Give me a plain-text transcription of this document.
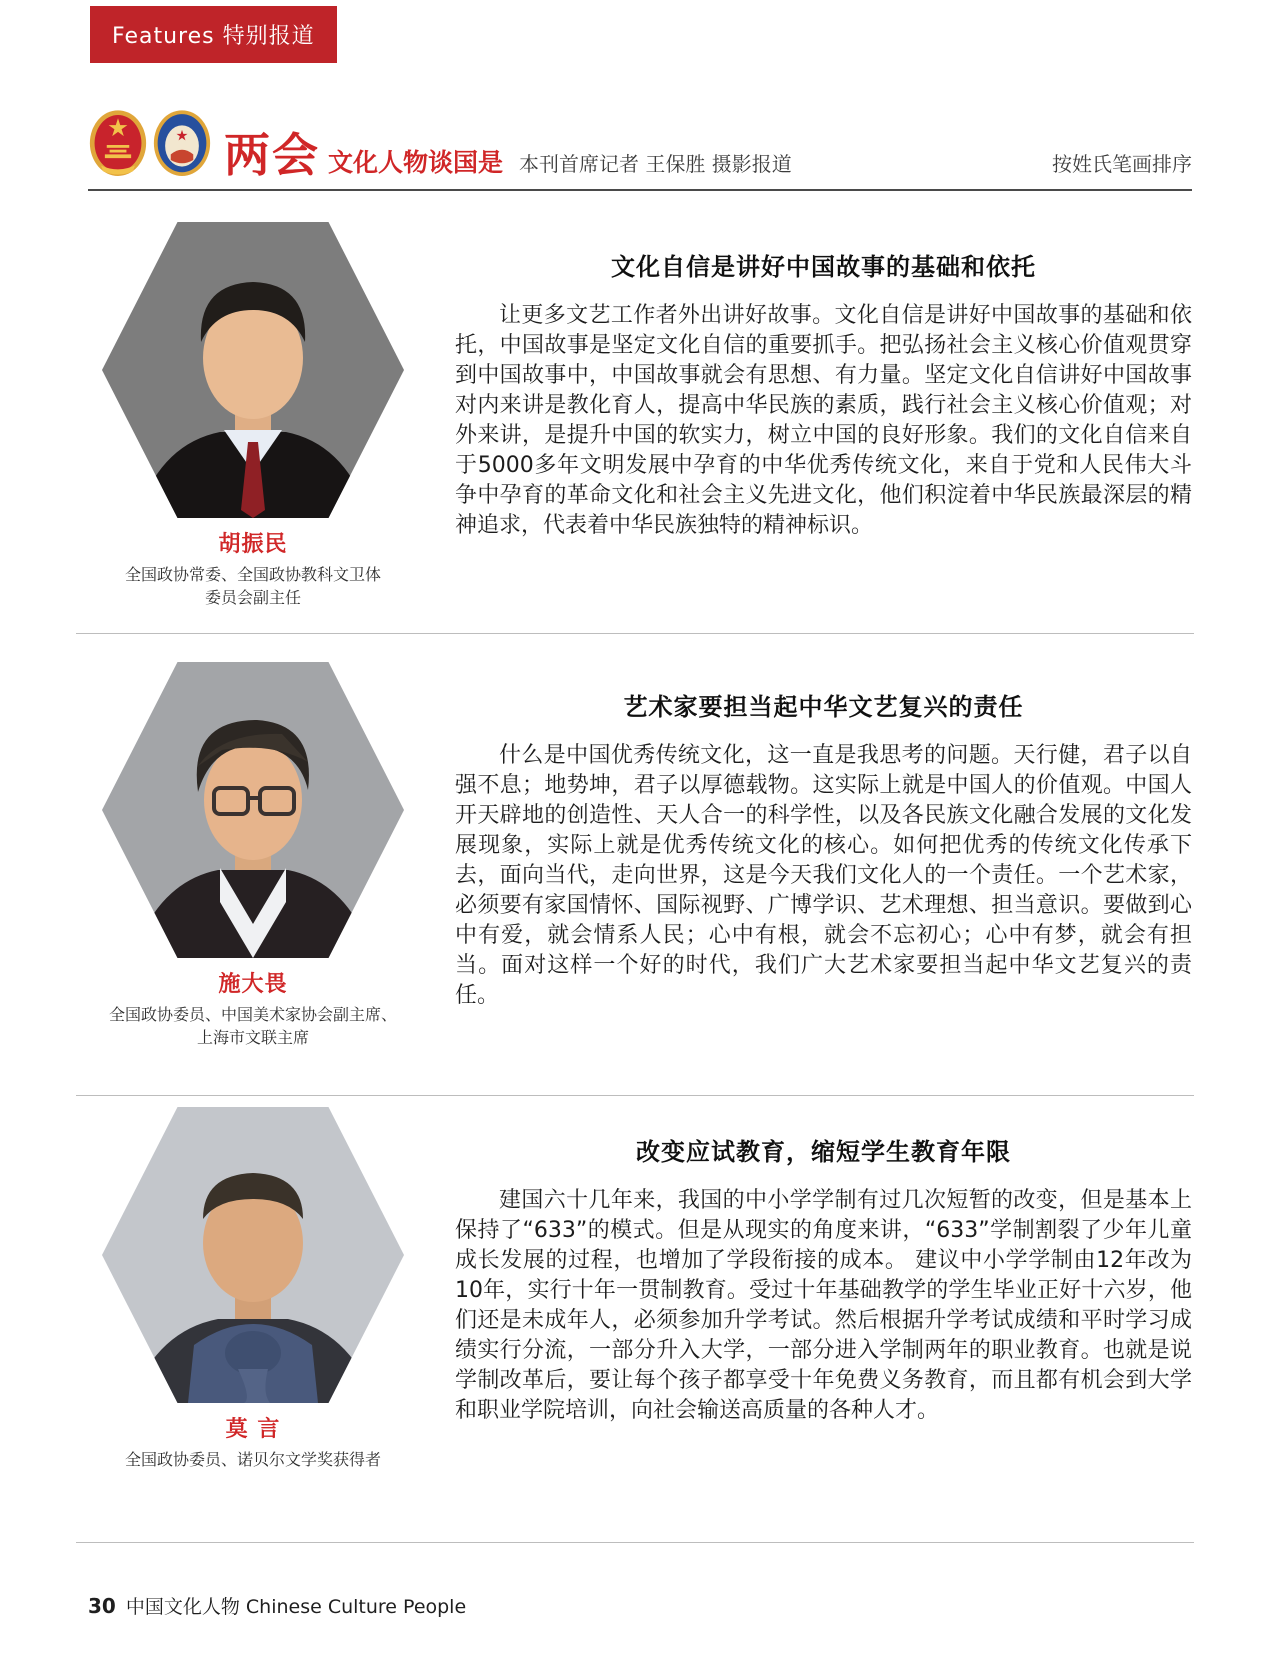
Features 特别报道
两会 文化人物谈国是 本刊首席记者 王保胜 摄影报道	按姓氏笔画排序
胡振民
全国政协常委、全国政协教科文卫体
委员会副主任
文化自信是讲好中国故事的基础和依托
让更多文艺工作者外出讲好故事。文化自信是讲好中国故事的基础和依托，中国故事是坚定文化自信的重要抓手。把弘扬社会主义核心价值观贯穿到中国故事中，中国故事就会有思想、有力量。坚定文化自信讲好中国故事对内来讲是教化育人，提高中华民族的素质，践行社会主义核心价值观；对外来讲，是提升中国的软实力，树立中国的良好形象。我们的文化自信来自于5000多年文明发展中孕育的中华优秀传统文化，来自于党和人民伟大斗争中孕育的革命文化和社会主义先进文化，他们积淀着中华民族最深层的精神追求，代表着中华民族独特的精神标识。
施大畏
全国政协委员、中国美术家协会副主席、
上海市文联主席
艺术家要担当起中华文艺复兴的责任
什么是中国优秀传统文化，这一直是我思考的问题。天行健，君子以自强不息；地势坤，君子以厚德载物。这实际上就是中国人的价值观。中国人开天辟地的创造性、天人合一的科学性，以及各民族文化融合发展的文化发展现象，实际上就是优秀传统文化的核心。如何把优秀的传统文化传承下去，面向当代，走向世界，这是今天我们文化人的一个责任。一个艺术家，必须要有家国情怀、国际视野、广博学识、艺术理想、担当意识。要做到心中有爱，就会情系人民；心中有根，就会不忘初心；心中有梦，就会有担当。面对这样一个好的时代，我们广大艺术家要担当起中华文艺复兴的责任。
莫 言
全国政协委员、诺贝尔文学奖获得者
改变应试教育，缩短学生教育年限
建国六十几年来，我国的中小学学制有过几次短暂的改变，但是基本上保持了“633”的模式。但是从现实的角度来讲，“633”学制割裂了少年儿童成长发展的过程，也增加了学段衔接的成本。 建议中小学学制由12年改为10年，实行十年一贯制教育。受过十年基础教学的学生毕业正好十六岁，他们还是未成年人，必须参加升学考试。然后根据升学考试成绩和平时学习成绩实行分流，一部分升入大学，一部分进入学制两年的职业教育。也就是说学制改革后，要让每个孩子都享受十年免费义务教育，而且都有机会到大学和职业学院培训，向社会输送高质量的各种人才。
30 中国文化人物 Chinese Culture People
